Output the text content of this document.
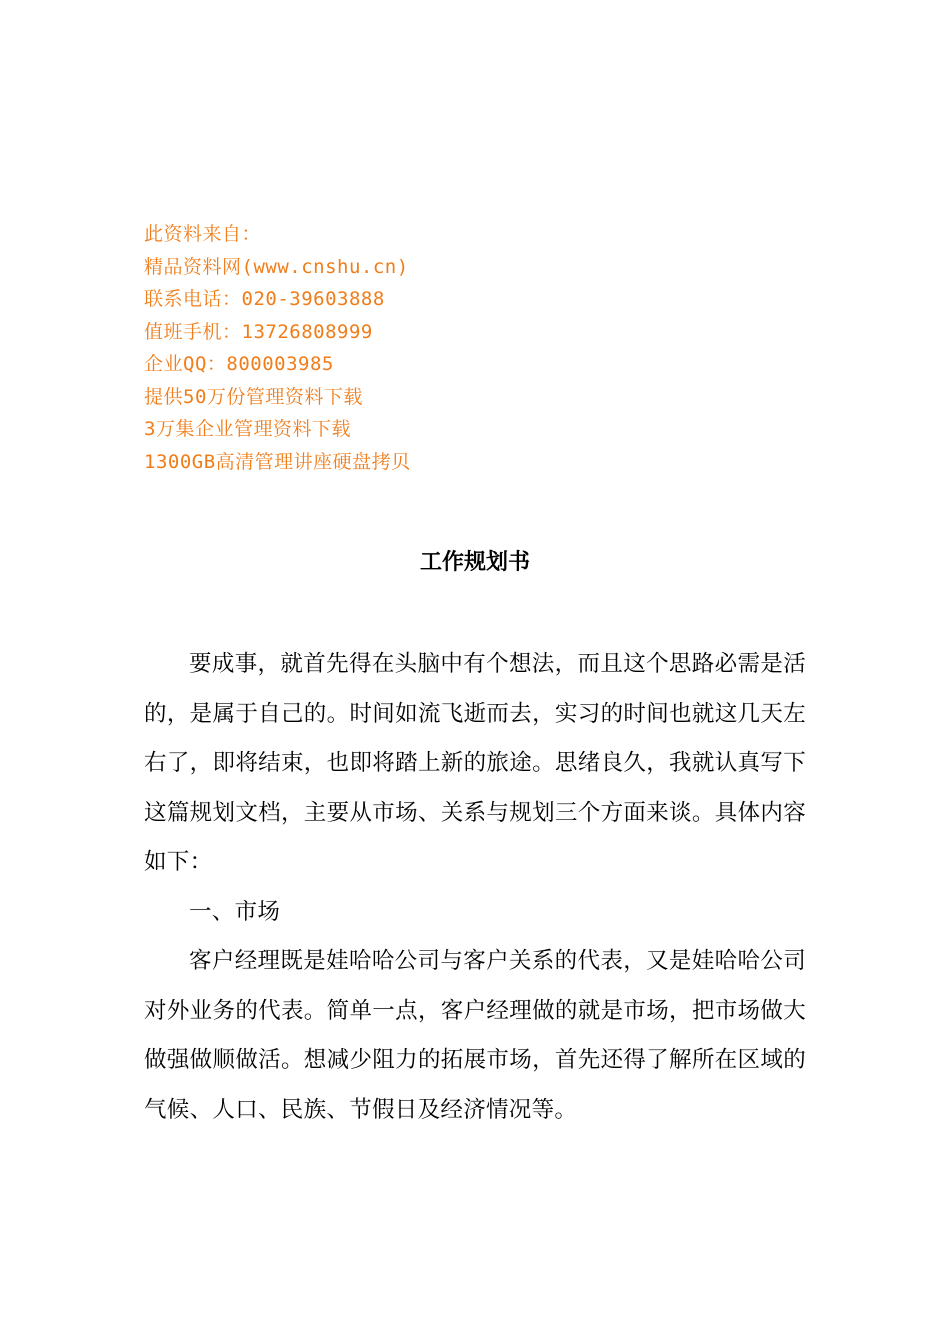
此资料来自：
精品资料网(www.cnshu.cn)
联系电话：020-39603888
值班手机：13726808999
企业QQ：800003985
提供50万份管理资料下载
3万集企业管理资料下载
1300GB高清管理讲座硬盘拷贝
工作规划书

要成事，就首先得在头脑中有个想法，而且这个思路必需是活的，是属于自己的。时间如流飞逝而去，实习的时间也就这几天左右了，即将结束，也即将踏上新的旅途。思绪良久，我就认真写下这篇规划文档，主要从市场、关系与规划三个方面来谈。具体内容如下：

一、市场

客户经理既是娃哈哈公司与客户关系的代表，又是娃哈哈公司对外业务的代表。简单一点，客户经理做的就是市场，把市场做大做强做顺做活。想减少阻力的拓展市场，首先还得了解所在区域的气候、人口、民族、节假日及经济情况等。
